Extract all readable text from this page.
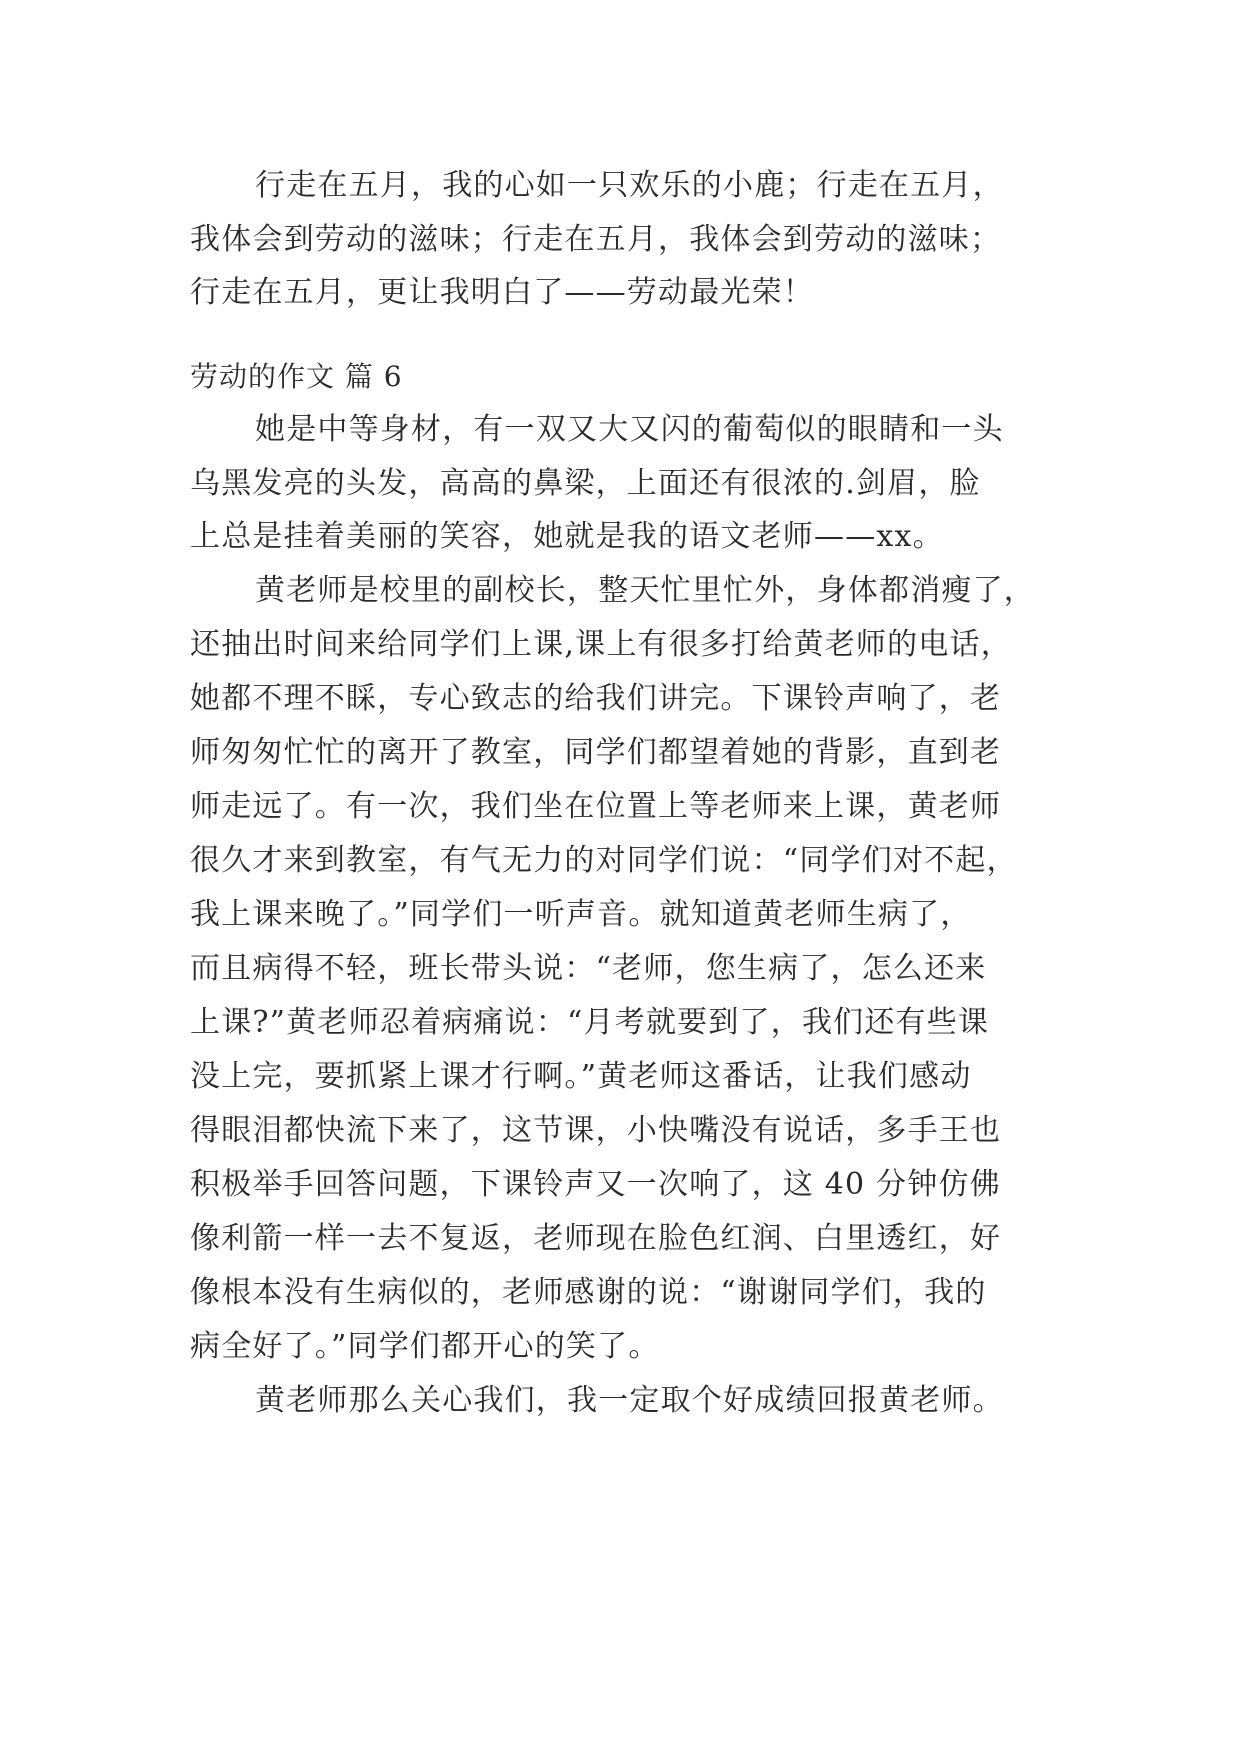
行走在五月，我的心如一只欢乐的小鹿；行走在五月，
我体会到劳动的滋味；行走在五月，我体会到劳动的滋味；
行走在五月，更让我明白了——劳动最光荣！
劳动的作文 篇 6
她是中等身材，有一双又大又闪的葡萄似的眼睛和一头
乌黑发亮的头发，高高的鼻梁，上面还有很浓的.剑眉，脸
上总是挂着美丽的笑容，她就是我的语文老师——xx。
黄老师是校里的副校长，整天忙里忙外，身体都消瘦了，
还抽出时间来给同学们上课,课上有很多打给黄老师的电话，
她都不理不睬，专心致志的给我们讲完。下课铃声响了，老
师匆匆忙忙的离开了教室，同学们都望着她的背影，直到老
师走远了。有一次，我们坐在位置上等老师来上课，黄老师
很久才来到教室，有气无力的对同学们说：“同学们对不起，
我上课来晚了。”同学们一听声音。就知道黄老师生病了，
而且病得不轻，班长带头说：“老师，您生病了，怎么还来
上课?”黄老师忍着病痛说：“月考就要到了，我们还有些课
没上完，要抓紧上课才行啊。”黄老师这番话，让我们感动
得眼泪都快流下来了，这节课，小快嘴没有说话，多手王也
积极举手回答问题，下课铃声又一次响了，这 40 分钟仿佛
像利箭一样一去不复返，老师现在脸色红润、白里透红，好
像根本没有生病似的，老师感谢的说：“谢谢同学们，我的
病全好了。”同学们都开心的笑了。
黄老师那么关心我们，我一定取个好成绩回报黄老师。
